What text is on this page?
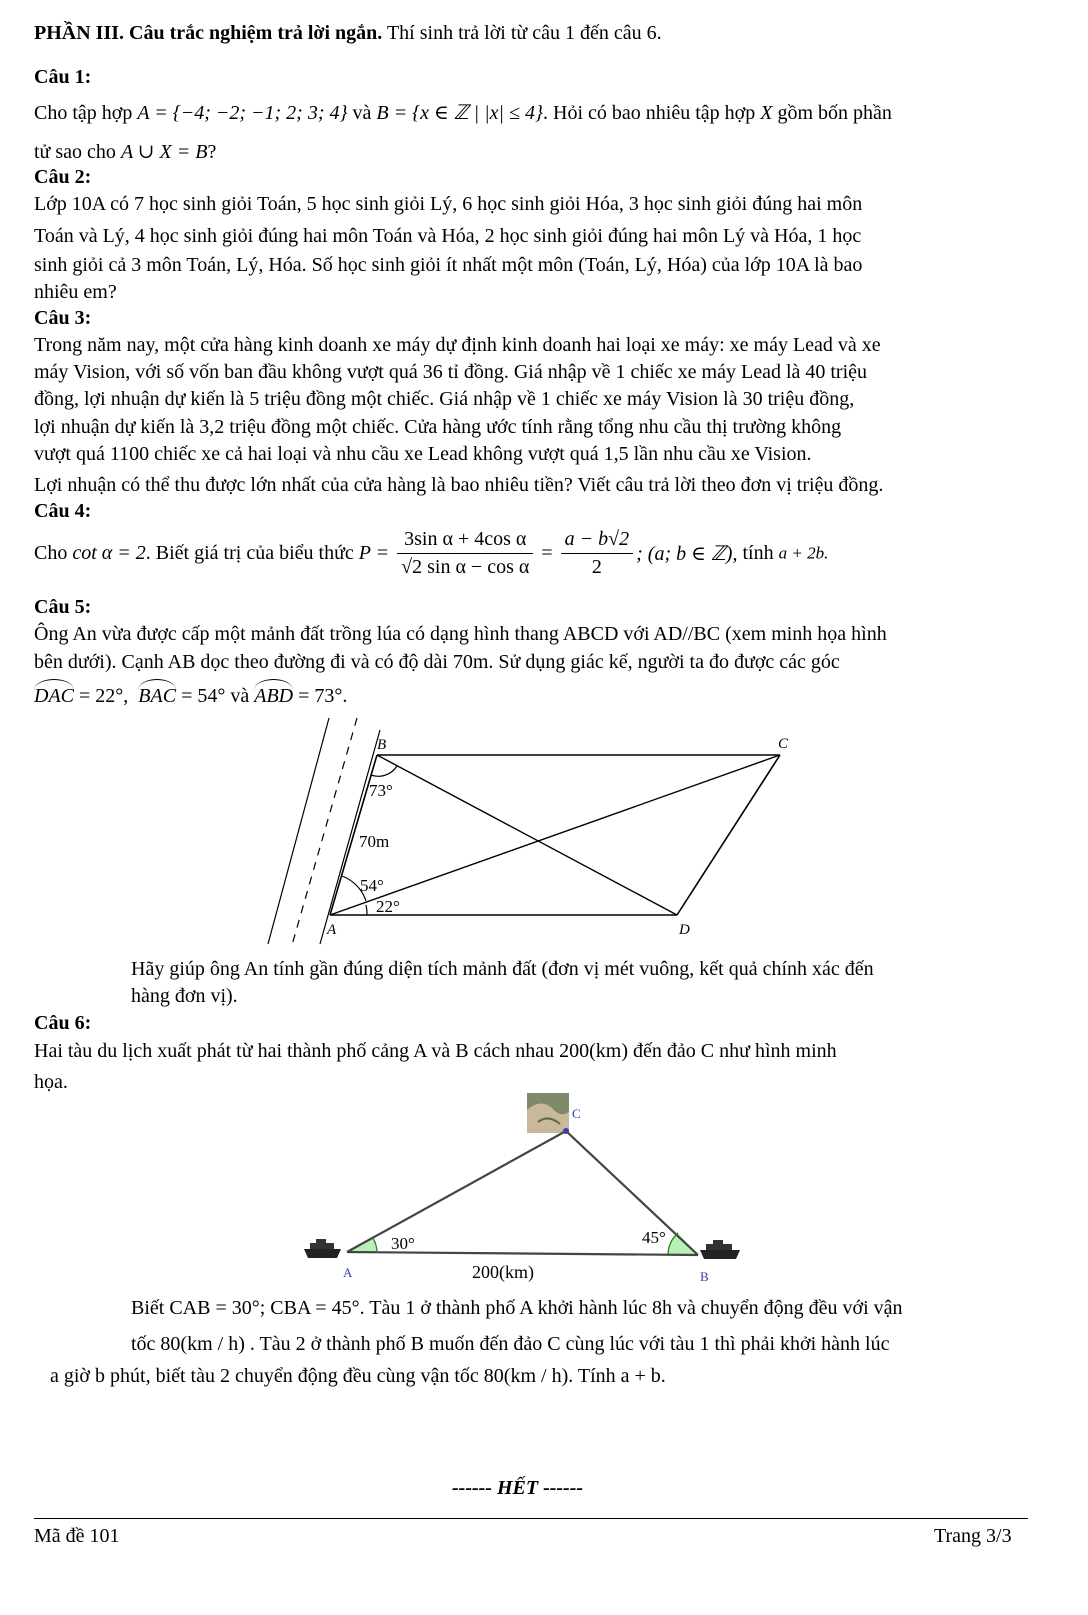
PHẦN III. Câu trắc nghiệm trả lời ngắn. Thí sinh trả lời từ câu 1 đến câu 6.
Câu 1:
Cho tập hợp A = {−4; −2; −1; 2; 3; 4} và B = {x ∈ ℤ | |x| ≤ 4}. Hỏi có bao nhiêu tập hợp X gồm bốn phần
tử sao cho A ∪ X = B?
Câu 2:
Lớp 10A có 7 học sinh giỏi Toán, 5 học sinh giỏi Lý, 6 học sinh giỏi Hóa, 3 học sinh giỏi đúng hai môn
Toán và Lý, 4 học sinh giỏi đúng hai môn Toán và Hóa, 2 học sinh giỏi đúng hai môn Lý và Hóa, 1 học
sinh giỏi cả 3 môn Toán, Lý, Hóa. Số học sinh giỏi ít nhất một môn (Toán, Lý, Hóa) của lớp 10A là bao
nhiêu em?
Câu 3:
Trong năm nay, một cửa hàng kinh doanh xe máy dự định kinh doanh hai loại xe máy: xe máy Lead và xe
máy Vision, với số vốn ban đầu không vượt quá 36 tỉ đồng. Giá nhập về 1 chiếc xe máy Lead là 40 triệu
đồng, lợi nhuận dự kiến là 5 triệu đồng một chiếc. Giá nhập về 1 chiếc xe máy Vision là 30 triệu đồng,
lợi nhuận dự kiến là 3,2 triệu đồng một chiếc. Cửa hàng ước tính rằng tổng nhu cầu thị trường không
vượt quá 1100 chiếc xe cả hai loại và nhu cầu xe Lead không vượt quá 1,5 lần nhu cầu xe Vision.
Lợi nhuận có thể thu được lớn nhất của cửa hàng là bao nhiêu tiền? Viết câu trả lời theo đơn vị triệu đồng.
Câu 4:
Cho cot α = 2. Biết giá trị của biểu thức $P = \frac{\text{3sin α + 4cos α}}{\text{√2 sin α − cos α}} = \frac{a - b√2}{2}$ ; (a; b ∈ ℤ), tính a + 2b.
Câu 5:
Ông An vừa được cấp một mảnh đất trồng lúa có dạng hình thang ABCD với AD//BC (xem minh họa hình
bên dưới). Cạnh AB dọc theo đường đi và có độ dài 70m. Sử dụng giác kế, người ta đo được các góc
DAC = 22°, BAC = 54° và ABD = 73°.
B	C
A	D
73°
70m
54°
22°
Hãy giúp ông An tính gần đúng diện tích mảnh đất (đơn vị mét vuông, kết quả chính xác đến
hàng đơn vị).
Câu 6:
Hai tàu du lịch xuất phát từ hai thành phố cảng A và B cách nhau 200(km) đến đảo C như hình minh
họa.
C
A	B
30°	45°
200(km)
Biết CAB = 30°; CBA = 45°. Tàu 1 ở thành phố A khởi hành lúc 8h và chuyển động đều với vận
tốc 80(km / h) . Tàu 2 ở thành phố B muốn đến đảo C cùng lúc với tàu 1 thì phải khởi hành lúc
a giờ b phút, biết tàu 2 chuyển động đều cùng vận tốc 80(km / h). Tính a + b.
------ HẾT ------
Mã đề 101	Trang 3/3
